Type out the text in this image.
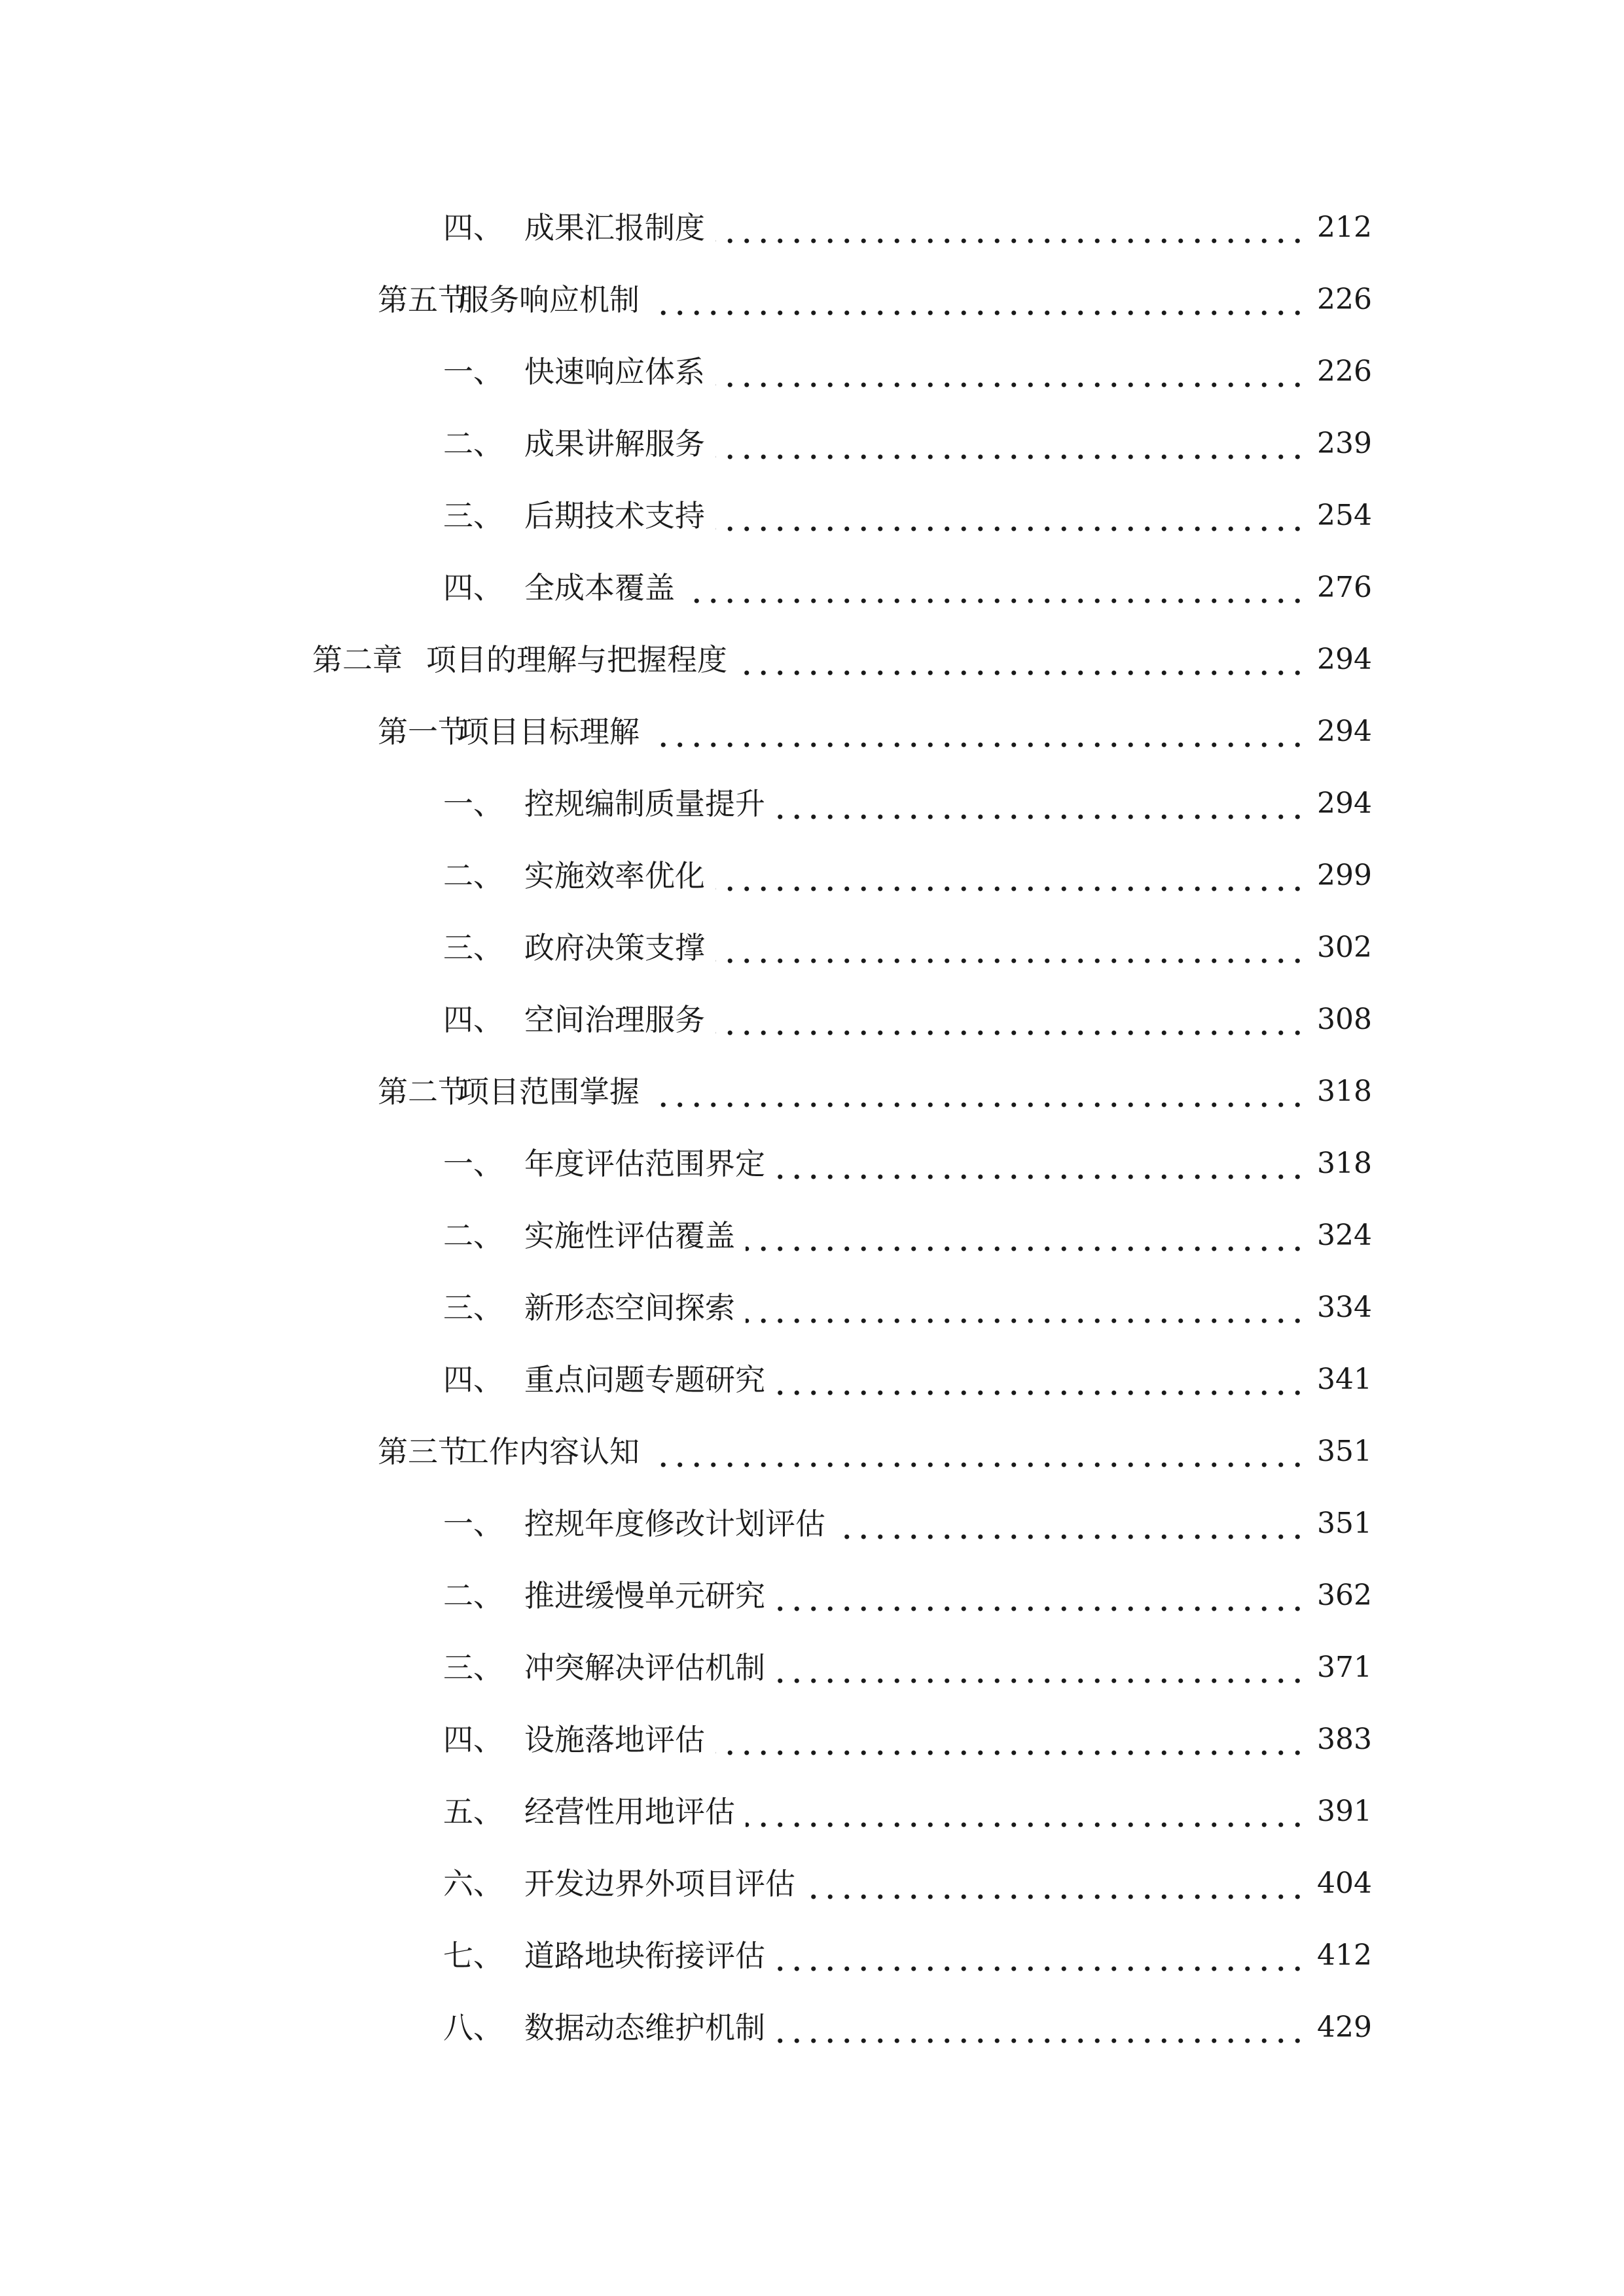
四、 成果汇报制度	212
第五节服务响应机制	226
一、 快速响应体系	226
二、 成果讲解服务	239
三、 后期技术支持	254
四、 全成本覆盖	276
第二章 项目的理解与把握程度	294
第一节项目目标理解	294
一、 控规编制质量提升	294
二、 实施效率优化	299
三、 政府决策支撑	302
四、 空间治理服务	308
第二节项目范围掌握	318
一、 年度评估范围界定	318
二、 实施性评估覆盖	324
三、 新形态空间探索	334
四、 重点问题专题研究	341
第三节工作内容认知	351
一、 控规年度修改计划评估	351
二、 推进缓慢单元研究	362
三、 冲突解决评估机制	371
四、 设施落地评估	383
五、 经营性用地评估	391
六、 开发边界外项目评估	404
七、 道路地块衔接评估	412
八、 数据动态维护机制	429
